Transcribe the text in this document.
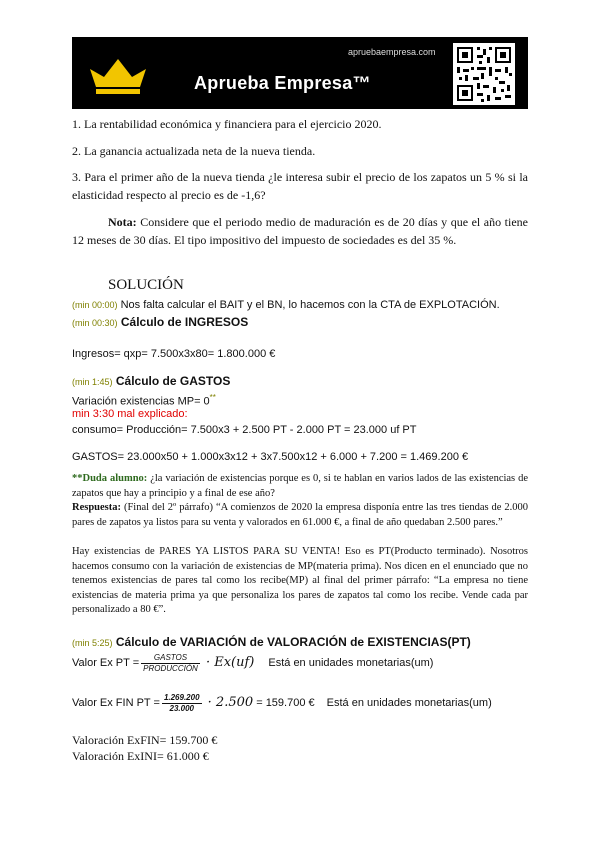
apruebaempresa.com
Aprueba Empresa™

1. La rentabilidad económica y financiera para el ejercicio 2020.

2. La ganancia actualizada neta de la nueva tienda.

3. Para el primer año de la nueva tienda ¿le interesa subir el precio de los zapatos un 5 % si la elasticidad respecto al precio es de -1,6?

Nota: Considere que el periodo medio de maduración es de 20 días y que el año tiene 12 meses de 30 días. El tipo impositivo del impuesto de sociedades es del 35 %.

SOLUCIÓN

(min 00:00) Nos falta calcular el BAIT y el BN, lo hacemos con la CTA de EXPLOTACIÓN.

(min 00:30) Cálculo de INGRESOS

Ingresos= qxp= 7.500x3x80= 1.800.000 €

(min 1:45) Cálculo de GASTOS

Variación existencias MP= 0**

min 3:30 mal explicado:

consumo= Producción= 7.500x3 + 2.500 PT - 2.000 PT = 23.000 uf PT

GASTOS= 23.000x50 + 1.000x3x12 + 3x7.500x12 + 6.000 + 7.200 = 1.469.200 €

**Duda alumno: ¿la variación de existencias porque es 0, si te hablan en varios lados de las existencias de zapatos que hay a principio y a final de ese año?

Respuesta: (Final del 2º párrafo) “A comienzos de 2020 la empresa disponía entre las tres tiendas de 2.000 pares de zapatos ya listos para su venta y valorados en 61.000 €, a final de año quedaban 2.500 pares.”

Hay existencias de PARES YA LISTOS PARA SU VENTA! Eso es PT(Producto terminado). Nosotros hacemos consumo con la variación de existencias de MP(materia prima). Nos dicen en el enunciado que no tenemos existencias de pares tal como los recibe(MP) al final del primer párrafo: “La empresa no tiene existencias de materia prima ya que personaliza los pares de zapatos tal como los recibe. Vende cada par personalizado a 80 €”.

(min 5:25) Cálculo de VARIACIÓN de VALORACIÓN de EXISTENCIAS(PT)

Valor Ex PT = $\frac{\text{GASTOS}}{\text{PRODUCCIÓN}} \cdot Ex(uf)$ Está en unidades monetarias(um)
Valor Ex FIN PT = $\frac{1.269.200}{23.000} \cdot 2.500 = 159.700$ € Está en unidades monetarias(um)

Valoración ExFIN= 159.700 €

Valoración ExINI= 61.000 €
